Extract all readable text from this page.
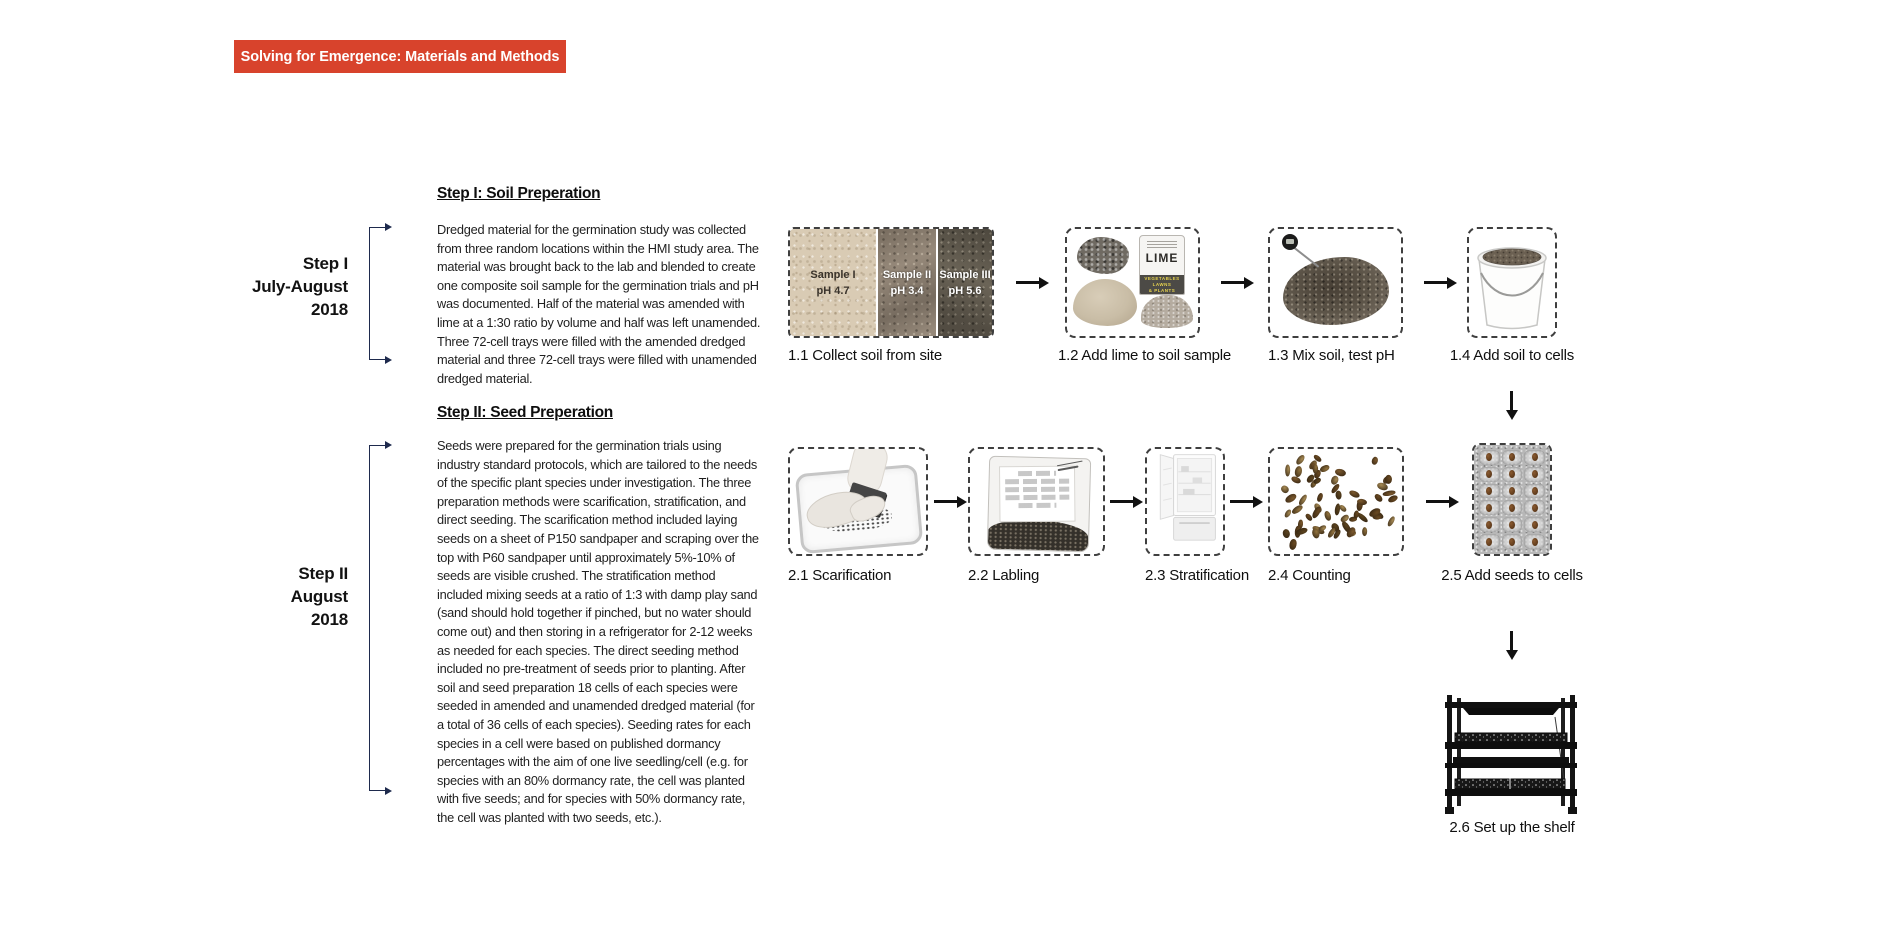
Solving for Emergence: Materials and Methods
Step I
July-August
2018
Step II
August
2018
Step I: Soil Preperation
Dredged material for the germination study was collected from three random locations within the HMI study area. The material was brought back to the lab and blended to create one composite soil sample for the germination trials and pH was documented. Half of the material was amended with lime at a 1:30 ratio by volume and half was left unamended. Three 72-cell trays were filled with the amended dredged material and three 72-cell trays were filled with unamended dredged material.
Step II: Seed Preperation
Seeds were prepared for the germination trials using industry standard protocols, which are tailored to the needs of the specific plant species under investigation. The three preparation methods were scarification, stratification, and direct seeding. The scarification method included laying seeds on a sheet of P150 sandpaper and scraping over the top with P60 sandpaper until approximately 5%-10% of seeds are visible crushed. The stratification method included mixing seeds at a ratio of 1:3 with damp play sand (sand should hold together if pinched, but no water should come out) and then storing in a refrigerator for 2-12 weeks as needed for each species. The direct seeding method included no pre-treatment of seeds prior to planting. After soil and seed preparation 18 cells of each species were seeded in amended and unamended dredged material (for a total of 36 cells of each species). Seeding rates for each species in a cell were based on published dormancy percentages with the aim of one live seedling/cell (e.g. for species with an 80% dormancy rate, the cell was planted with five seeds; and for species with 50% dormancy rate, the cell was planted with two seeds, etc.).
Sample I
pH 4.7
Sample II
pH 3.4
Sample III
pH 5.6
1.1 Collect soil from site
LIME
VEGETABLES
LAWNS
& PLANTS
1.2 Add lime to soil sample 1.3 Mix soil, test pH	1.4 Add soil to cells
2.1 Scarification	2.2 Labling	2.3 Stratification 2.4 Counting	2.5 Add seeds to cells
2.6 Set up the shelf
